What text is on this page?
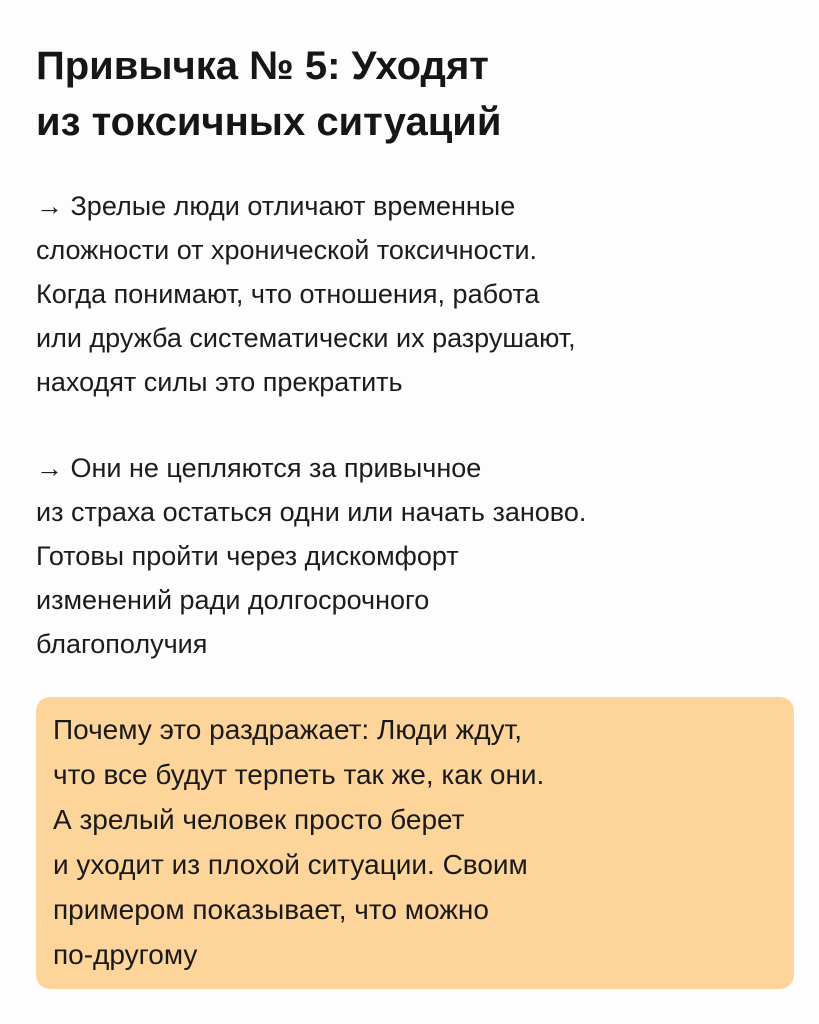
Привычка № 5: Уходят
из токсичных ситуаций

→ Зрелые люди отличают временные
сложности от хронической токсичности.
Когда понимают, что отношения, работа
или дружба систематически их разрушают,
находят силы это прекратить

→ Они не цепляются за привычное
из страха остаться одни или начать заново.
Готовы пройти через дискомфорт
изменений ради долгосрочного
благополучия

Почему это раздражает: Люди ждут,
что все будут терпеть так же, как они.
А зрелый человек просто берет
и уходит из плохой ситуации. Своим
примером показывает, что можно
по-другому
